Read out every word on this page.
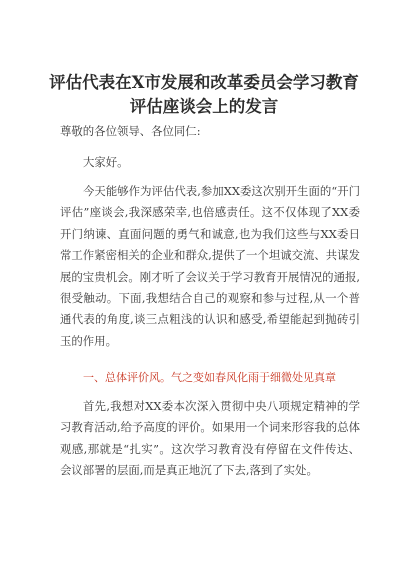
评估代表在X市发展和改革委员会学习教育
评估座谈会上的发言

尊敬的各位领导、各位同仁:

大家好。

今天能够作为评估代表,参加XX委这次别开生面的“开门评估”座谈会,我深感荣幸,也倍感责任。这不仅体现了XX委开门纳谏、直面问题的勇气和诚意,也为我们这些与XX委日常工作紧密相关的企业和群众,提供了一个坦诚交流、共谋发展的宝贵机会。刚才听了会议关于学习教育开展情况的通报,很受触动。下面,我想结合自己的观察和参与过程,从一个普通代表的角度,谈三点粗浅的认识和感受,希望能起到抛砖引玉的作用。

一、总体评价风。气之变如春风化雨于细微处见真章

首先,我想对XX委本次深入贯彻中央八项规定精神的学习教育活动,给予高度的评价。如果用一个词来形容我的总体观感,那就是“扎实”。这次学习教育没有停留在文件传达、会议部署的层面,而是真正地沉了下去,落到了实处。
